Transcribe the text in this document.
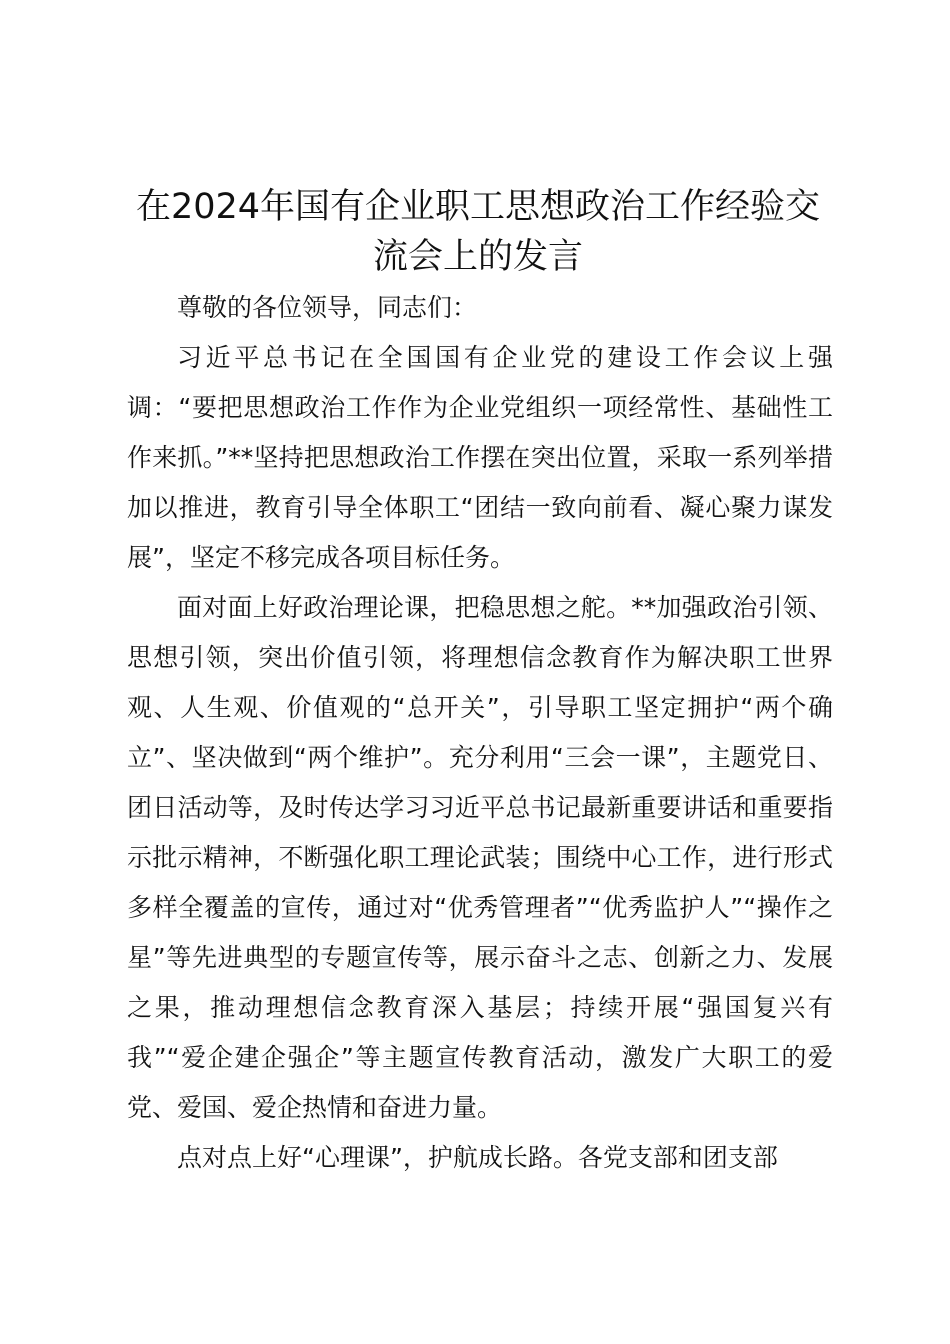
在2024年国有企业职工思想政治工作经验交流会上的发言

尊敬的各位领导，同志们：

习近平总书记在全国国有企业党的建设工作会议上强调：“要把思想政治工作作为企业党组织一项经常性、基础性工作来抓。”**坚持把思想政治工作摆在突出位置，采取一系列举措加以推进，教育引导全体职工“团结一致向前看、凝心聚力谋发展”，坚定不移完成各项目标任务。

面对面上好政治理论课，把稳思想之舵。**加强政治引领、思想引领，突出价值引领，将理想信念教育作为解决职工世界观、人生观、价值观的“总开关”，引导职工坚定拥护“两个确立”、坚决做到“两个维护”。充分利用“三会一课”，主题党日、团日活动等，及时传达学习习近平总书记最新重要讲话和重要指示批示精神，不断强化职工理论武装；围绕中心工作，进行形式多样全覆盖的宣传，通过对“优秀管理者”“优秀监护人”“操作之星”等先进典型的专题宣传等，展示奋斗之志、创新之力、发展之果，推动理想信念教育深入基层；持续开展“强国复兴有我”“爱企建企强企”等主题宣传教育活动，激发广大职工的爱党、爱国、爱企热情和奋进力量。

点对点上好“心理课”，护航成长路。各党支部和团支部
